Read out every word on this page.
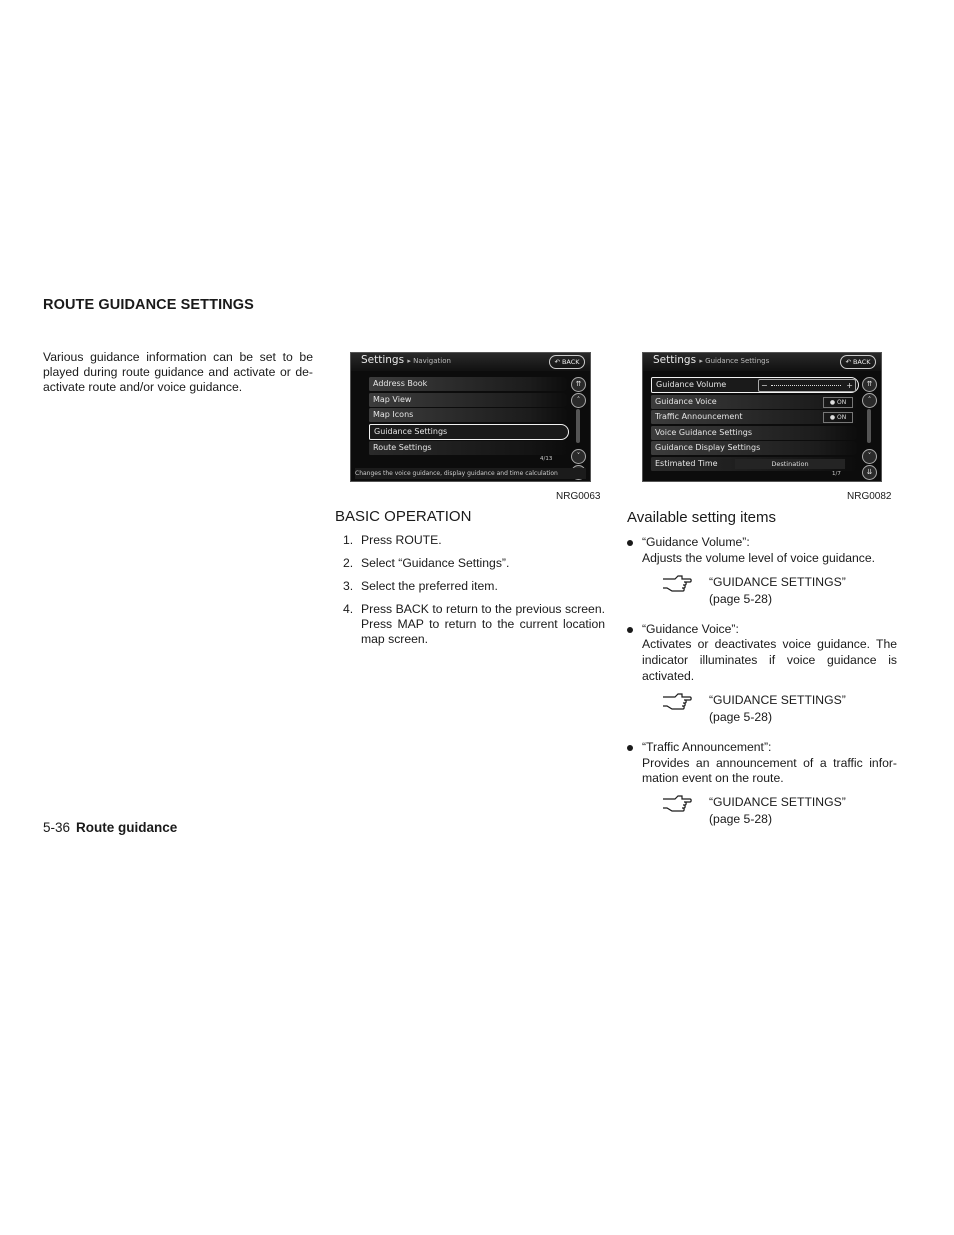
ROUTE GUIDANCE SETTINGS
Various guidance information can be set to be played during route guidance and activate or de-activate route and/or voice guidance.
Settings ▸ Navigation	↶ BACK
Address Book
Map View
Map Icons
Guidance Settings
Route Settings
⇈
˄
˅
4/13
Changes the voice guidance, display guidance and time calculation
NRG0063
Settings ▸ Guidance Settings	↶ BACK
Guidance Volume	−	+
Guidance Voice	● ON
Traffic Announcement	● ON
Voice Guidance Settings
Guidance Display Settings
Estimated Time	Destination
⇈
˄
˅
⇊
1/7
NRG0082
BASIC OPERATION
1. Press ROUTE.
2. Select “Guidance Settings”.
3. Select the preferred item.
4. Press BACK to return to the previous screen. Press MAP to return to the current location map screen.
Available setting items
“Guidance Volume”:
Adjusts the volume level of voice guidance.
“GUIDANCE SETTINGS”
(page 5-28)
“Guidance Voice”:
Activates or deactivates voice guidance. The indicator illuminates if voice guidance is activated.
“GUIDANCE SETTINGS”
(page 5-28)
“Traffic Announcement”:
Provides an announcement of a traffic infor-mation event on the route.
“GUIDANCE SETTINGS”
(page 5-28)
5-36 Route guidance
